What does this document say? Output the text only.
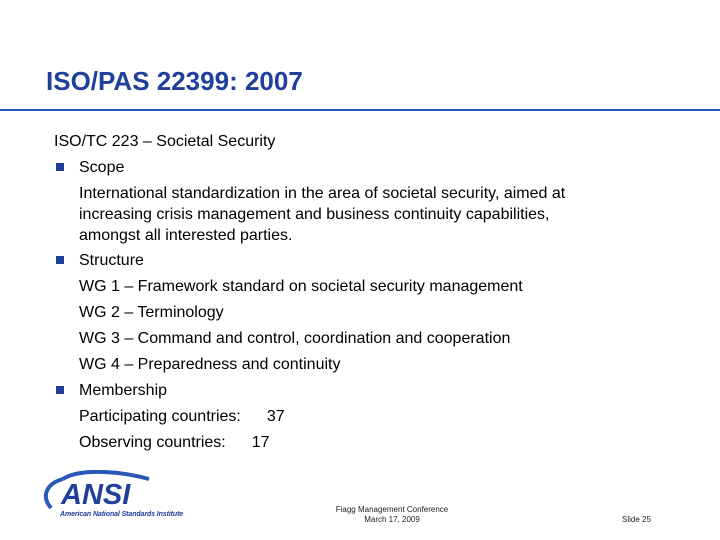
ISO/PAS 22399: 2007
ISO/TC 223 – Societal Security
Scope
International standardization in the area of societal security, aimed at
increasing crisis management and business continuity capabilities,
amongst all interested parties.
Structure
WG 1 – Framework standard on societal security management
WG 2 – Terminology
WG 3 – Command and control, coordination and cooperation
WG 4 – Preparedness and continuity
Membership
Participating countries: 37
Observing countries: 17
ANSI
American National Standards Institute
Fiagg Management Conference
March 17, 2009	Slide 25
